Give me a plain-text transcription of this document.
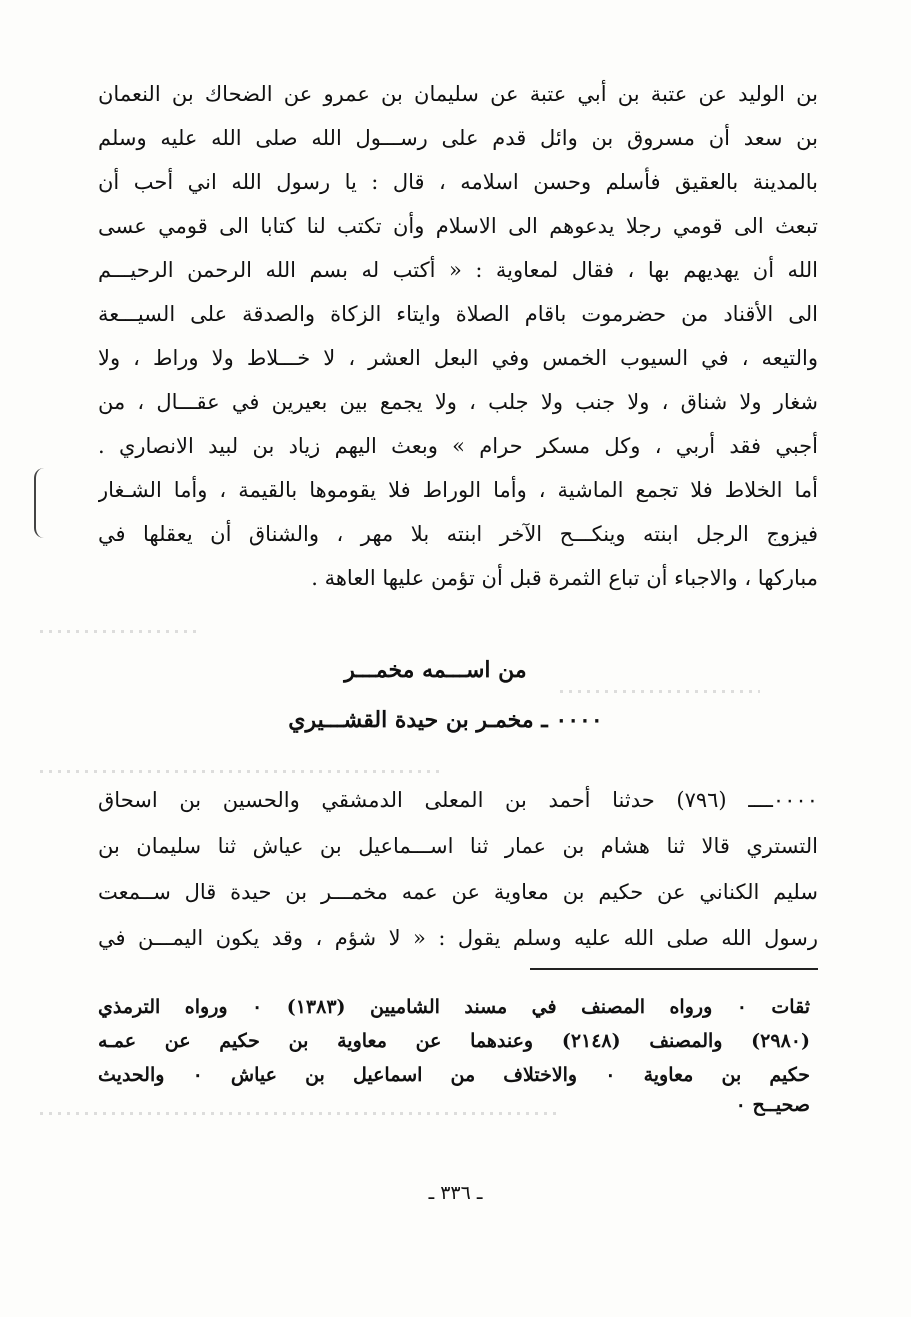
بن الوليد عن عتبة بن أبي عتبة عن سليمان بن عمرو عن الضحاك بن النعمان
بن سعد أن مسروق بن وائل قدم على رســـول الله صلى الله عليه وسلم
بالمدينة بالعقيق فأسلم وحسن اسلامه ، قال : يا رسول الله اني أحب أن
تبعث الى قومي رجلا يدعوهم الى الاسلام وأن تكتب لنا كتابا الى قومي عسى
الله أن يهديهم بها ، فقال لمعاوية : « أكتب له بسم الله الرحمن الرحيـــم
الى الأقناد من حضرموت باقام الصلاة وايتاء الزكاة والصدقة على السيـــعة
والتيعه ، في السيوب الخمس وفي البعل العشر ، لا خـــلاط ولا وراط ، ولا
شغار ولا شناق ، ولا جنب ولا جلب ، ولا يجمع بين بعيرين في عقـــال ، من
أجبي فقد أربي ، وكل مسكر حرام » وبعث اليهم زياد بن لبيد الانصاري .
أما الخلاط فلا تجمع الماشية ، وأما الوراط فلا يقوموها بالقيمة ، وأما الشـغار
فيزوج الرجل ابنته وينكـــح الآخر ابنته بلا مهر ، والشناق أن يعقلها في
مباركها ، والاجباء أن تباع الثمرة قبل أن تؤمن عليها العاهة .
من اســـمه مخمـــر
٠٠٠٠ ـ مخمـر بن حيدة القشـــيري
٠٠٠٠ــــ (٧٩٦) حدثنا أحمد بن المعلى الدمشقي والحسين بن اسحاق
التستري قالا ثنا هشام بن عمار ثنا اســـماعيل بن عياش ثنا سليمان بن
سليم الكناني عن حكيم بن معاوية عن عمه مخمـــر بن حيدة قال ســمعت
رسول الله صلى الله عليه وسلم يقول : « لا شؤم ، وقد يكون اليمـــن في
ثقات ٠ ورواه المصنف في مسند الشاميين (١٣٨٣) ٠ ورواه الترمذي
(٢٩٨٠) والمصنف (٢١٤٨) وعندهما عن معاوية بن حكيم عن عمـه
حكيم بن معاوية ٠ والاختلاف من اسماعيل بن عياش ٠ والحديث
صحيــح ٠
ـ ٣٣٦ ـ
